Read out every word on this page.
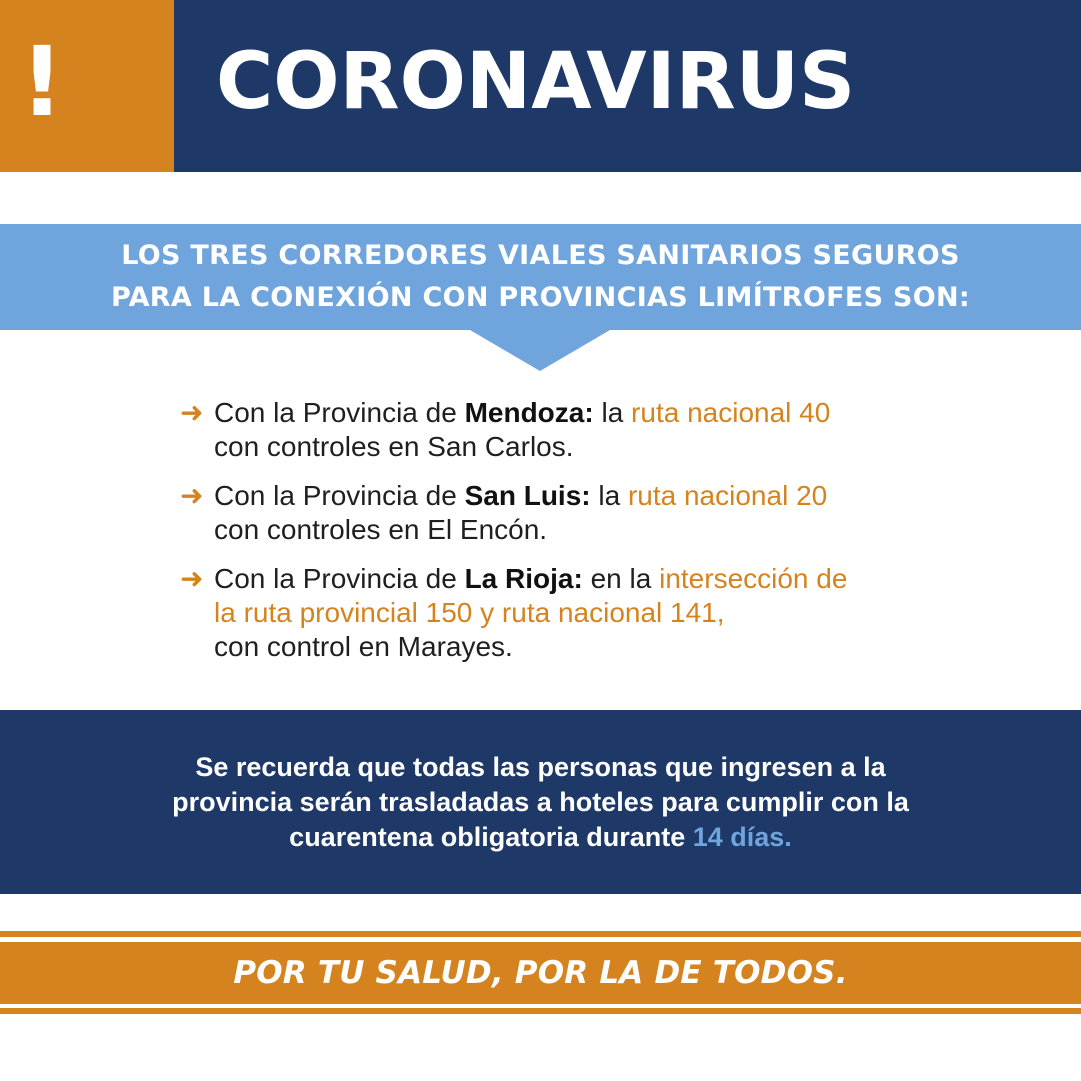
! CORONAVIRUS
LOS TRES CORREDORES VIALES SANITARIOS SEGUROS
PARA LA CONEXIÓN CON PROVINCIAS LIMÍTROFES SON:
➜ Con la Provincia de Mendoza: la ruta nacional 40
con controles en San Carlos.
➜ Con la Provincia de San Luis: la ruta nacional 20
con controles en El Encón.
➜ Con la Provincia de La Rioja: en la intersección de la ruta provincial 150 y ruta nacional 141,
con control en Marayes.
Se recuerda que todas las personas que ingresen a la provincia serán trasladadas a hoteles para cumplir con la cuarentena obligatoria durante 14 días.
POR TU SALUD, POR LA DE TODOS.
